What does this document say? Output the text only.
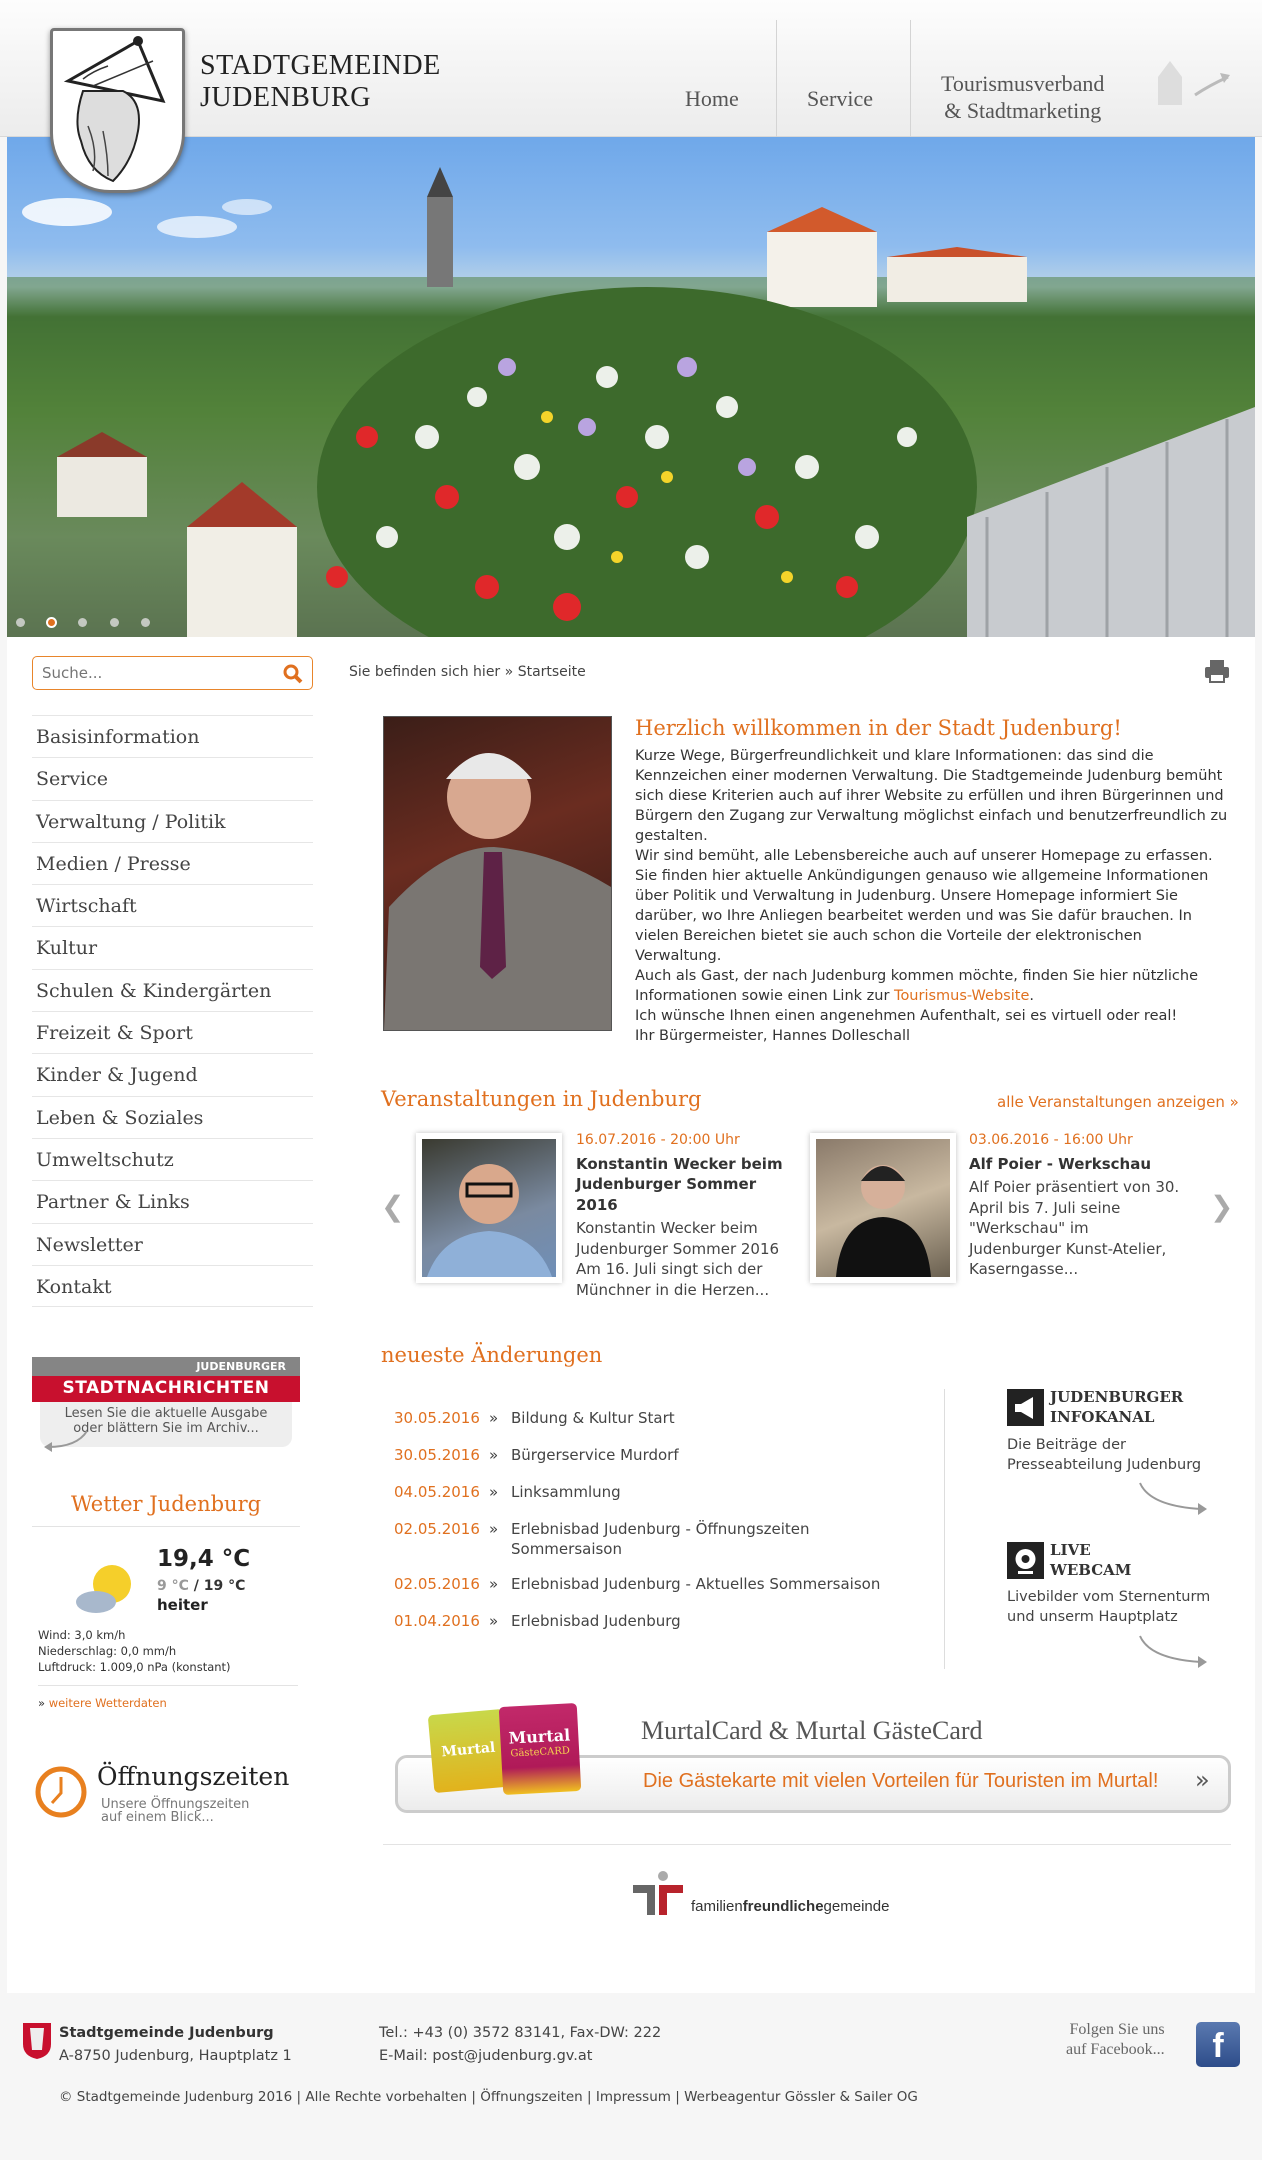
STADTGEMEINDE
JUDENBURG	Home	Service
Tourismusverband
& Stadtmarketing
Suche...
Sie befinden sich hier » Startseite
Basisinformation
Service
Verwaltung / Politik
Medien / Presse
Wirtschaft
Kultur
Schulen & Kindergärten
Freizeit & Sport
Kinder & Jugend
Leben & Soziales
Umweltschutz
Partner & Links
Newsletter
Kontakt
JUDENBURGER
STADTNACHRICHTEN
Lesen Sie die aktuelle Ausgabe
oder blättern Sie im Archiv...
Wetter Judenburg
19,4 °C
9 °C / 19 °C
heiter
Wind: 3,0 km/h
Niederschlag: 0,0 mm/h
Luftdruck: 1.009,0 nPa (konstant)
» weitere Wetterdaten
Öffnungszeiten
Unsere Öffnungszeiten
auf einem Blick...
Herzlich willkommen in der Stadt Judenburg!

Kurze Wege, Bürgerfreundlichkeit und klare Informationen: das sind die Kennzeichen einer modernen Verwaltung. Die Stadtgemeinde Judenburg bemüht sich diese Kriterien auch auf ihrer Website zu erfüllen und ihren Bürgerinnen und Bürgern den Zugang zur Verwaltung möglichst einfach und benutzerfreundlich zu gestalten.

Wir sind bemüht, alle Lebensbereiche auch auf unserer Homepage zu erfassen. Sie finden hier aktuelle Ankündigungen genauso wie allgemeine Informationen über Politik und Verwaltung in Judenburg. Unsere Homepage informiert Sie darüber, wo Ihre Anliegen bearbeitet werden und was Sie dafür brauchen. In vielen Bereichen bietet sie auch schon die Vorteile der elektronischen Verwaltung.

Auch als Gast, der nach Judenburg kommen möchte, finden Sie hier nützliche Informationen sowie einen Link zur Tourismus-Website.

Ich wünsche Ihnen einen angenehmen Aufenthalt, sei es virtuell oder real!

Ihr Bürgermeister, Hannes Dolleschall

Veranstaltungen in Judenburg	alle Veranstaltungen anzeigen »
❮	❯
16.07.2016 - 20:00 Uhr
Konstantin Wecker beim Judenburger Sommer 2016
Konstantin Wecker beim Judenburger Sommer 2016 Am 16. Juli singt sich der Münchner in die Herzen...
03.06.2016 - 16:00 Uhr
Alf Poier - Werkschau
Alf Poier präsentiert von 30. April bis 7. Juli seine "Werkschau" im Judenburger Kunst-Atelier, Kaserngasse...
neueste Änderungen
30.05.2016 » Bildung & Kultur Start
30.05.2016 » Bürgerservice Murdorf
04.05.2016 » Linksammlung
02.05.2016 » Erlebnisbad Judenburg - Öffnungszeiten Sommersaison
02.05.2016 » Erlebnisbad Judenburg - Aktuelles Sommersaison
01.04.2016 » Erlebnisbad Judenburg
JUDENBURGER
INFOKANAL
Die Beiträge der Presseabteilung Judenburg
LIVE
WEBCAM
Livebilder vom Sternenturm und unserm Hauptplatz
Murtal
Murtal
GästeCARD
MurtalCard & Murtal GästeCard
Die Gästekarte mit vielen Vorteilen für Touristen im Murtal! »
familienfreundlichegemeinde
Stadtgemeinde Judenburg
A-8750 Judenburg, Hauptplatz 1
Tel.: +43 (0) 3572 83141, Fax-DW: 222
E-Mail: post@judenburg.gv.at
Folgen Sie uns
auf Facebook...	f
© Stadtgemeinde Judenburg 2016 | Alle Rechte vorbehalten | Öffnungszeiten | Impressum | Werbeagentur Gössler & Sailer OG
